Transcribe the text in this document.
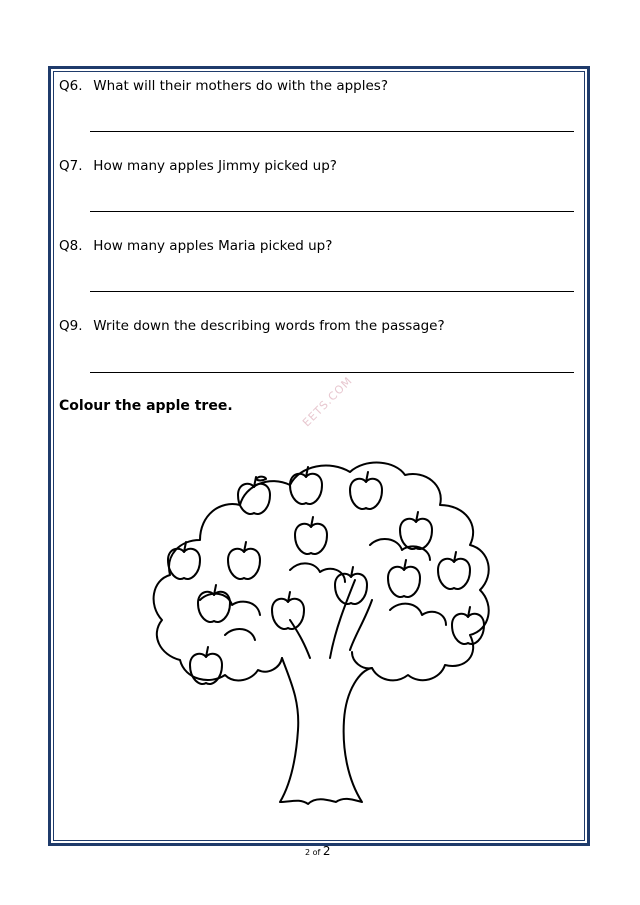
Q6. What will their mothers do with the apples?
Q7. How many apples Jimmy picked up?
Q8. How many apples Maria picked up?
Q9. Write down the describing words from the passage?
Colour the apple tree.	EETS.COM
2 of 2
